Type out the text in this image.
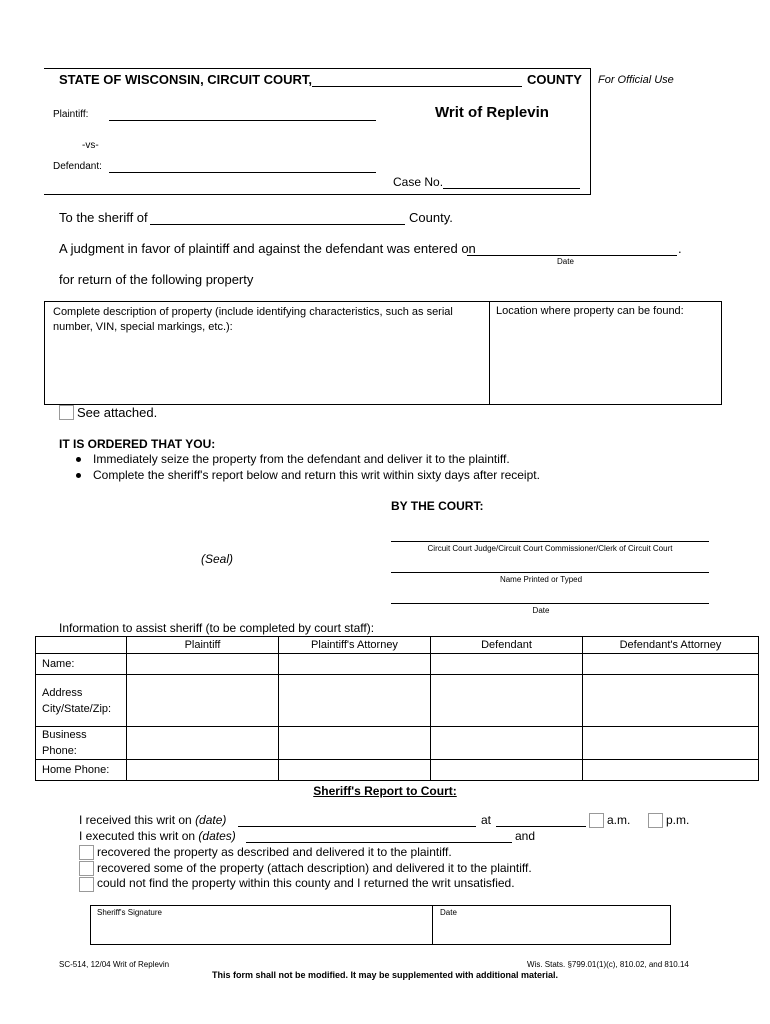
STATE OF WISCONSIN, CIRCUIT COURT,	COUNTY For Official Use
Plaintiff:
-vs-
Defendant:
Writ of Replevin
Case No.
To the sheriff of	County.
A judgment in favor of plaintiff and against the defendant was entered on	.
Date
for return of the following property
Complete description of property (include identifying characteristics, such as serial number, VIN, special markings, etc.):
Location where property can be found:
See attached.
IT IS ORDERED THAT YOU:
Immediately seize the property from the defendant and deliver it to the plaintiff.
Complete the sheriff's report below and return this writ within sixty days after receipt.
BY THE COURT:
Circuit Court Judge/Circuit Court Commissioner/Clerk of Circuit Court
(Seal)
Name Printed or Typed
Date
Information to assist sheriff (to be completed by court staff):
	Plaintiff	Plaintiff's Attorney	Defendant	Defendant's Attorney
Name:				
Address City/State/Zip:				
Business Phone:				
Home Phone:				
Sheriff's Report to Court:
I received this writ on (date)	at	a.m.	p.m.
I executed this writ on (dates)	and
recovered the property as described and delivered it to the plaintiff.
recovered some of the property (attach description) and delivered it to the plaintiff.
could not find the property within this county and I returned the writ unsatisfied.
Sheriff's Signature	Date
SC-514, 12/04 Writ of Replevin	Wis. Stats. §799.01(1)(c), 810.02, and 810.14
This form shall not be modified. It may be supplemented with additional material.
